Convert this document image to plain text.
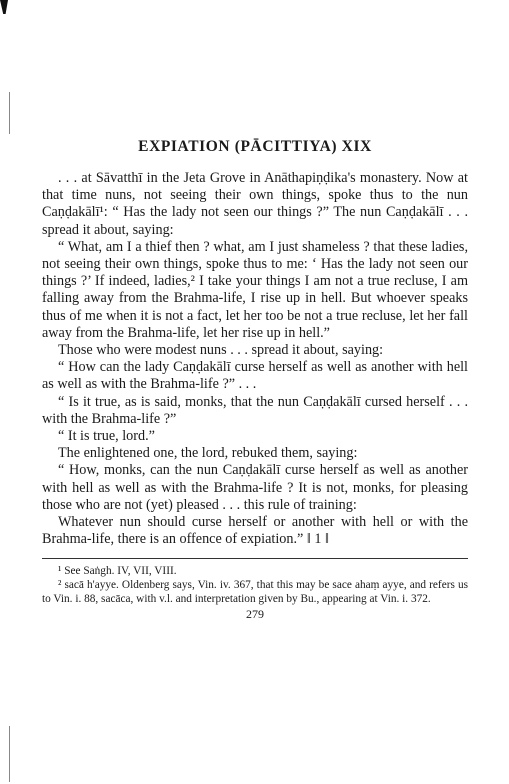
EXPIATION (PĀCITTIYA) XIX

. . . at Sāvatthī in the Jeta Grove in Anāthapiṇḍika's monastery. Now at that time nuns, not seeing their own things, spoke thus to the nun Caṇḍakālī¹: “ Has the lady not seen our things ?” The nun Caṇḍakālī . . . spread it about, saying:

“ What, am I a thief then ? what, am I just shameless ? that these ladies, not seeing their own things, spoke thus to me: ‘ Has the lady not seen our things ?’ If indeed, ladies,² I take your things I am not a true recluse, I am falling away from the Brahma-life, I rise up in hell. But whoever speaks thus of me when it is not a fact, let her too be not a true recluse, let her fall away from the Brahma-life, let her rise up in hell.”

Those who were modest nuns . . . spread it about, saying:

“ How can the lady Caṇḍakālī curse herself as well as another with hell as well as with the Brahma-life ?” . . .

“ Is it true, as is said, monks, that the nun Caṇḍakālī cursed herself . . . with the Brahma-life ?”

“ It is true, lord.”

The enlightened one, the lord, rebuked them, saying:

“ How, monks, can the nun Caṇḍakālī curse herself as well as another with hell as well as with the Brahma-life ? It is not, monks, for pleasing those who are not (yet) pleased . . . this rule of training:

Whatever nun should curse herself or another with hell or with the Brahma-life, there is an offence of expiation.” ‖ 1 ‖

¹ See Saṅgh. IV, VII, VIII.

² sacā h'ayye. Oldenberg says, Vin. iv. 367, that this may be sace ahaṃ ayye, and refers us to Vin. i. 88, sacāca, with v.l. and interpretation given by Bu., appearing at Vin. i. 372.

279
